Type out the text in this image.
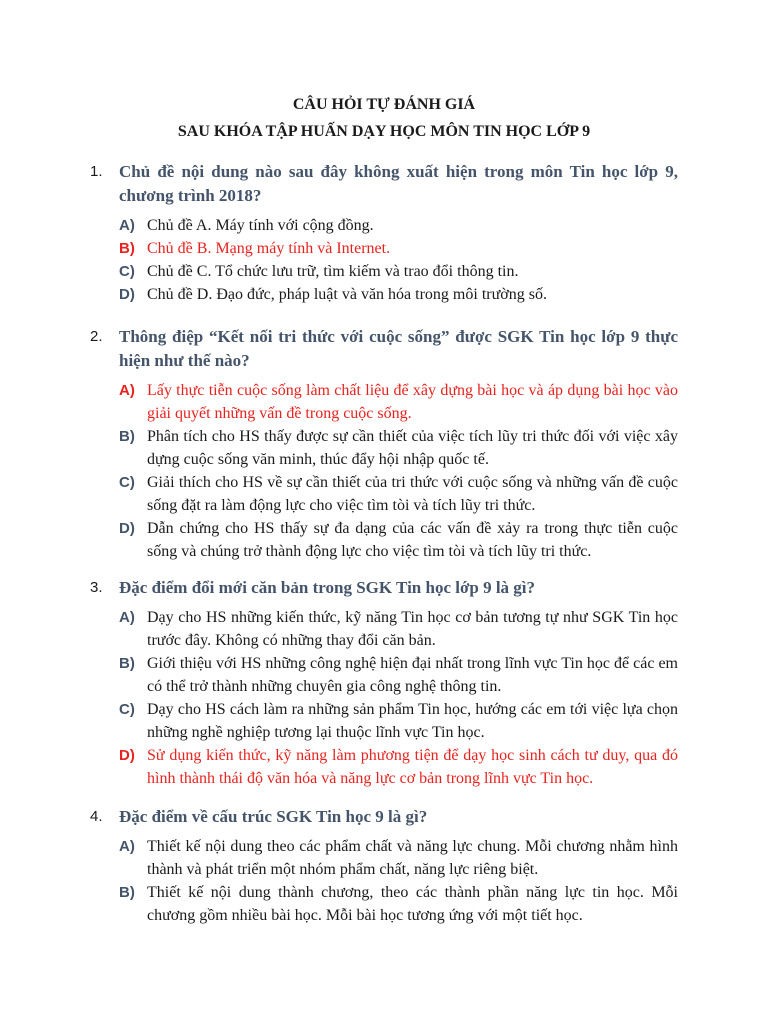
CÂU HỎI TỰ ĐÁNH GIÁ
SAU KHÓA TẬP HUẤN DẠY HỌC MÔN TIN HỌC LỚP 9
1. Chủ đề nội dung nào sau đây không xuất hiện trong môn Tin học lớp 9, chương trình 2018?
A) Chủ đề A. Máy tính với cộng đồng.
B) Chủ đề B. Mạng máy tính và Internet.
C) Chủ đề C. Tổ chức lưu trữ, tìm kiếm và trao đổi thông tin.
D) Chủ đề D. Đạo đức, pháp luật và văn hóa trong môi trường số.
2. Thông điệp “Kết nối tri thức với cuộc sống” được SGK Tin học lớp 9 thực hiện như thế nào?
A) Lấy thực tiễn cuộc sống làm chất liệu để xây dựng bài học và áp dụng bài học vào giải quyết những vấn đề trong cuộc sống.
B) Phân tích cho HS thấy được sự cần thiết của việc tích lũy tri thức đối với việc xây dựng cuộc sống văn minh, thúc đẩy hội nhập quốc tế.
C) Giải thích cho HS về sự cần thiết của tri thức với cuộc sống và những vấn đề cuộc sống đặt ra làm động lực cho việc tìm tòi và tích lũy tri thức.
D) Dẫn chứng cho HS thấy sự đa dạng của các vấn đề xảy ra trong thực tiễn cuộc sống và chúng trở thành động lực cho việc tìm tòi và tích lũy tri thức.
3. Đặc điểm đổi mới căn bản trong SGK Tin học lớp 9 là gì?
A) Dạy cho HS những kiến thức, kỹ năng Tin học cơ bản tương tự như SGK Tin học trước đây. Không có những thay đổi căn bản.
B) Giới thiệu với HS những công nghệ hiện đại nhất trong lĩnh vực Tin học để các em có thể trở thành những chuyên gia công nghệ thông tin.
C) Dạy cho HS cách làm ra những sản phẩm Tin học, hướng các em tới việc lựa chọn những nghề nghiệp tương lại thuộc lĩnh vực Tin học.
D) Sử dụng kiến thức, kỹ năng làm phương tiện để dạy học sinh cách tư duy, qua đó hình thành thái độ văn hóa và năng lực cơ bản trong lĩnh vực Tin học.
4. Đặc điểm về cấu trúc SGK Tin học 9 là gì?
A) Thiết kế nội dung theo các phẩm chất và năng lực chung. Mỗi chương nhằm hình thành và phát triển một nhóm phẩm chất, năng lực riêng biệt.
B) Thiết kế nội dung thành chương, theo các thành phần năng lực tin học. Mỗi chương gồm nhiều bài học. Mỗi bài học tương ứng với một tiết học.
